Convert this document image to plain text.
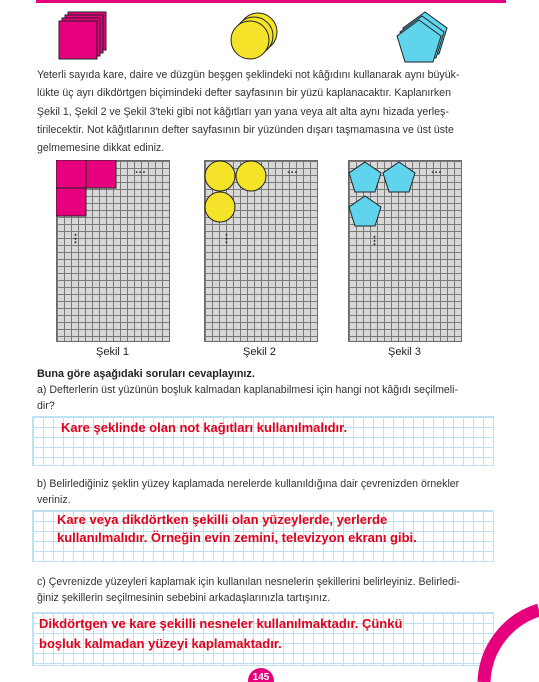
Yeterli sayıda kare, daire ve düzgün beşgen şeklindeki not kâğıdını kullanarak aynı büyük-
lükte üç ayrı dikdörtgen biçimindeki defter sayfasının bir yüzü kaplanacaktır. Kaplanırken
Şekil 1, Şekil 2 ve Şekil 3'teki gibi not kâğıtları yan yana veya alt alta aynı hizada yerleş-
tirilecektir. Not kâğıtlarının defter sayfasının bir yüzünden dışarı taşmamasına ve üst üste
gelmemesine dikkat ediniz.
···
⋮
Şekil 1
···
⋮
Şekil 2
···
⋮
Şekil 3
Buna göre aşağıdaki soruları cevaplayınız.
a) Defterlerin üst yüzünün boşluk kalmadan kaplanabilmesi için hangi not kâğıdı seçilmeli-
dir?
Kare şeklinde olan not kağıtları kullanılmalıdır.
b) Belirlediğiniz şeklin yüzey kaplamada nerelerde kullanıldığına dair çevrenizden örnekler
veriniz.
Kare veya dikdörtken şekilli olan yüzeylerde, yerlerde
kullanılmalıdır. Örneğin evin zemini, televizyon ekranı gibi.
c) Çevrenizde yüzeyleri kaplamak için kullanılan nesnelerin şekillerini belirleyiniz. Belirledi-
ğiniz şekillerin seçilmesinin sebebini arkadaşlarınızla tartışınız.
Dikdörtgen ve kare şekilli nesneler kullanılmaktadır. Çünkü
boşluk kalmadan yüzeyi kaplamaktadır.
145
